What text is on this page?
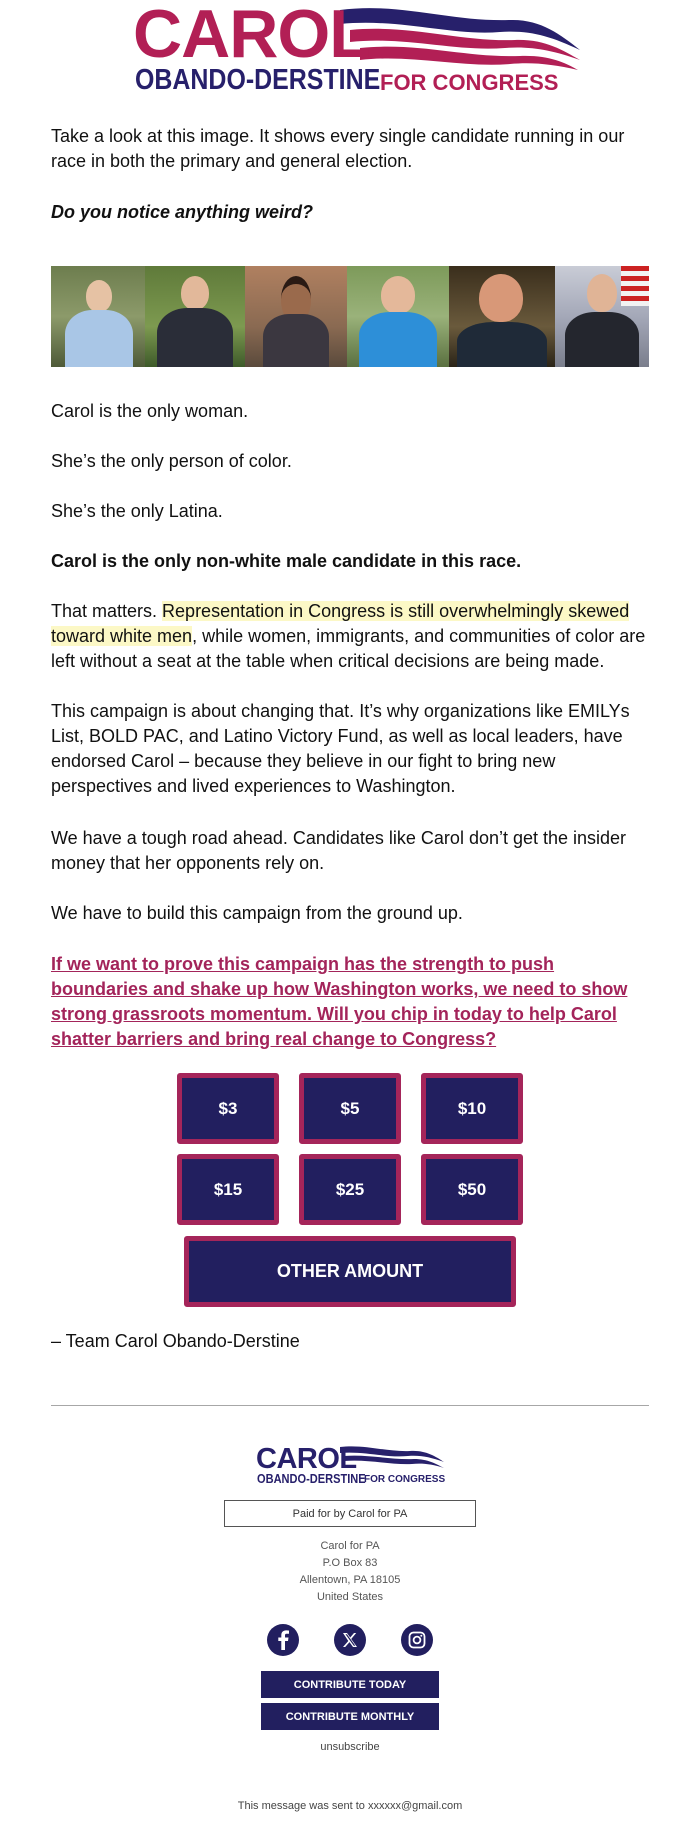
CAROL
OBANDO-DERSTINE FOR CONGRESS

Take a look at this image. It shows every single candidate running in our race in both the primary and general election.

Do you notice anything weird?

Carol is the only woman.

She’s the only person of color.

She’s the only Latina.

Carol is the only non-white male candidate in this race.

That matters. Representation in Congress is still overwhelmingly skewed toward white men, while women, immigrants, and communities of color are left without a seat at the table when critical decisions are being made.

This campaign is about changing that. It’s why organizations like EMILYs List, BOLD PAC, and Latino Victory Fund, as well as local leaders, have endorsed Carol – because they believe in our fight to bring new perspectives and lived experiences to Washington.

We have a tough road ahead. Candidates like Carol don’t get the insider money that her opponents rely on.

We have to build this campaign from the ground up.

If we want to prove this campaign has the strength to push boundaries and shake up how Washington works, we need to show strong grassroots momentum. Will you chip in today to help Carol shatter barriers and bring real change to Congress?

$3	$5	$10
$15	$25	$50
OTHER AMOUNT

– Team Carol Obando-Derstine

CAROL
OBANDO-DERSTINE
FOR CONGRESS
Paid for by Carol for PA
Carol for PA
P.O Box 83
Allentown, PA 18105
United States
CONTRIBUTE TODAY
CONTRIBUTE MONTHLY
unsubscribe
This message was sent to xxxxxx@gmail.com
